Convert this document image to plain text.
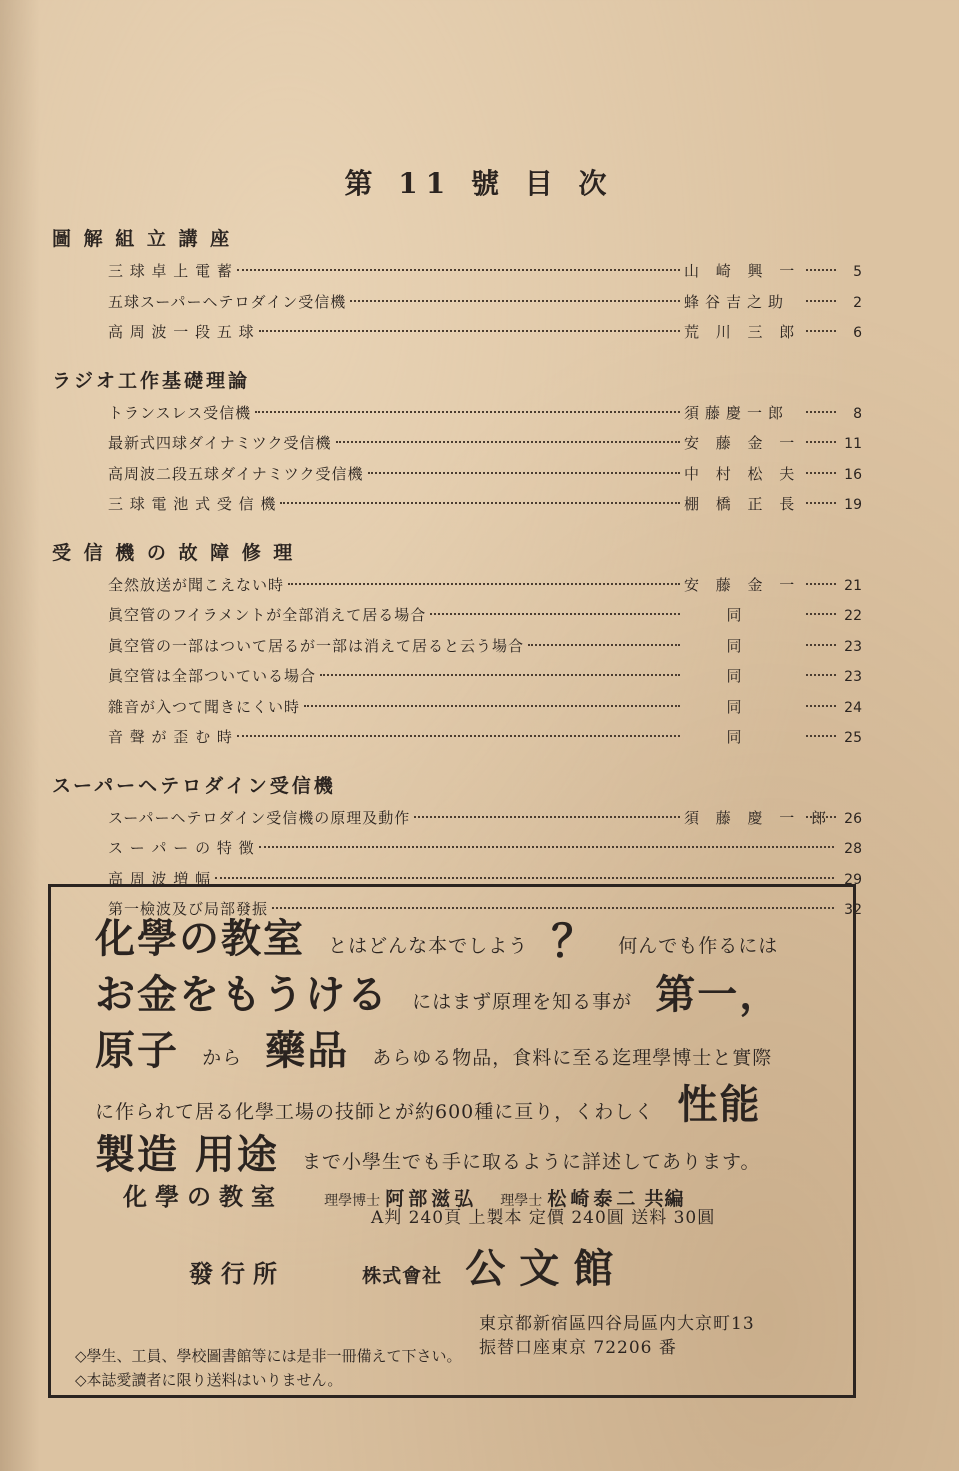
第 11 號 目 次
圖 解 組 立 講 座
三 球 卓 上 電 蓄	山 崎 興 一	5
五球スーパーヘテロダイン受信機	蜂谷吉之助	2
高 周 波 一 段 五 球	荒 川 三 郎	6
ラジオ工作基礎理論
トランスレス受信機	須藤慶一郎	8
最新式四球ダイナミツク受信機	安 藤 金 一	11
高周波二段五球ダイナミツク受信機	中 村 松 夫	16
三 球 電 池 式 受 信 機	棚 橋 正 長	19
受 信 機 の 故 障 修 理
全然放送が聞こえない時	安 藤 金 一	21
眞空管のフイラメントが全部消えて居る場合	同	22
眞空管の一部はついて居るが一部は消えて居ると云う場合	同	23
眞空管は全部ついている場合	同	23
雜音が入つて聞きにくい時	同	24
音 聲 が 歪 む 時	同	25
スーパーヘテロダイン受信機
スーパーヘテロダイン受信機の原理及動作	須 藤 慶 一 郎 26
ス ー パ ー の 特 徴	28
高 周 波 増 幅	29
第一檢波及び局部發振	32
化學の教室 とはどんな本でしよう ？ 何んでも作るには
お金をもうける にはまず原理を知る事が 第一，
原子 から 藥品 あらゆる物品，食料に至る迄理學博士と實際
に作られて居る化學工場の技師とが約600種に亘り，くわしく 性能
製造 用途 まで小學生でも手に取るように詳述してあります。
化學の教室	理學博士 阿部滋弘 理學士 松崎泰二 共編
A判 240頁 上製本 定價 240圓 送料 30圓
發行所	株式會社 公文館
東京都新宿區四谷局區内大京町13
振替口座東京 72206 番
◇學生、工員、學校圖書館等には是非一冊備えて下さい。
◇本誌愛讀者に限り送料はいりません。
